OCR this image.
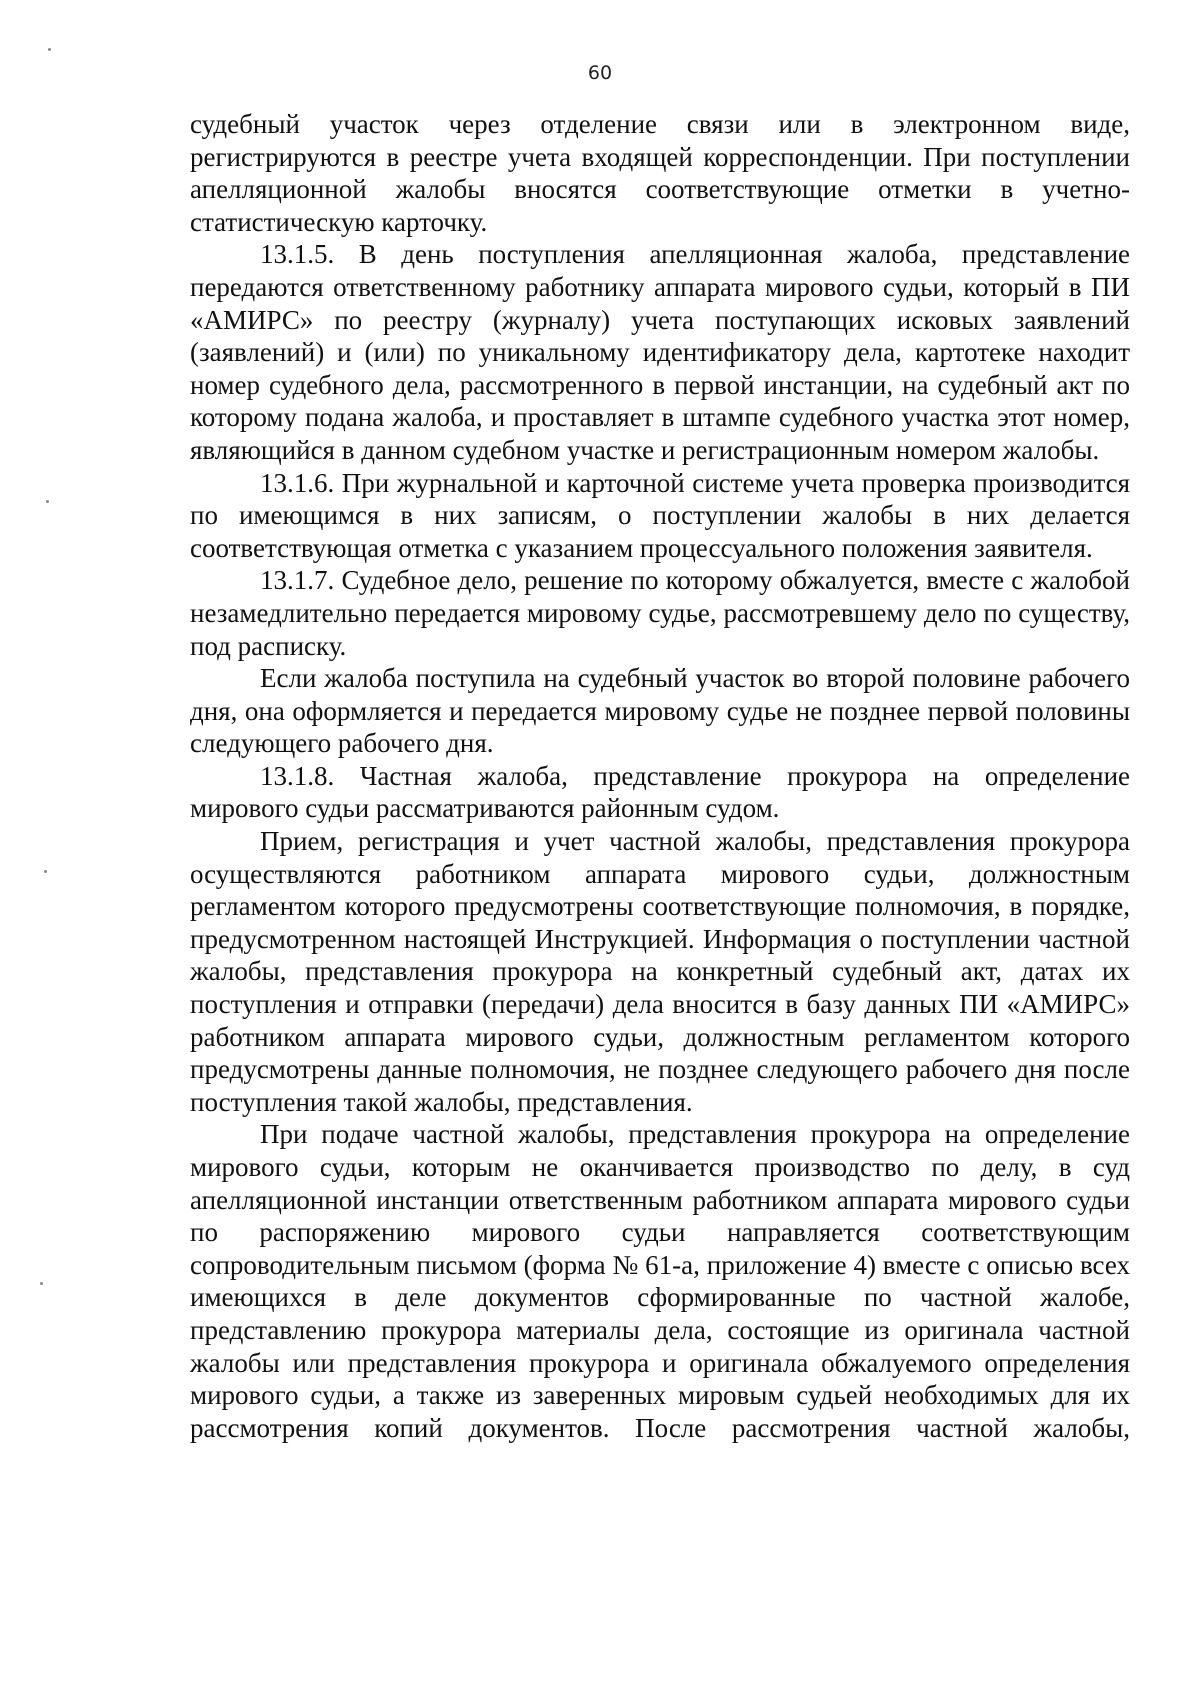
60

судебный участок через отделение связи или в электронном виде, регистрируются в реестре учета входящей корреспонденции. При поступлении апелляционной жалобы вносятся соответствующие отметки в учетно-статистическую карточку.

13.1.5. В день поступления апелляционная жалоба, представление передаются ответственному работнику аппарата мирового судьи, который в ПИ «АМИРС» по реестру (журналу) учета поступающих исковых заявлений (заявлений) и (или) по уникальному идентификатору дела, картотеке находит номер судебного дела, рассмотренного в первой инстанции, на судебный акт по которому подана жалоба, и проставляет в штампе судебного участка этот номер, являющийся в данном судебном участке и регистрационным номером жалобы.

13.1.6. При журнальной и карточной системе учета проверка производится по имеющимся в них записям, о поступлении жалобы в них делается соответствующая отметка с указанием процессуального положения заявителя.

13.1.7. Судебное дело, решение по которому обжалуется, вместе с жалобой незамедлительно передается мировому судье, рассмотревшему дело по существу, под расписку.

Если жалоба поступила на судебный участок во второй половине рабочего дня, она оформляется и передается мировому судье не позднее первой половины следующего рабочего дня.

13.1.8. Частная жалоба, представление прокурора на определение мирового судьи рассматриваются районным судом.

Прием, регистрация и учет частной жалобы, представления прокурора осуществляются работником аппарата мирового судьи, должностным регламентом которого предусмотрены соответствующие полномочия, в порядке, предусмотренном настоящей Инструкцией. Информация о поступлении частной жалобы, представления прокурора на конкретный судебный акт, датах их поступления и отправки (передачи) дела вносится в базу данных ПИ «АМИРС» работником аппарата мирового судьи, должностным регламентом которого предусмотрены данные полномочия, не позднее следующего рабочего дня после поступления такой жалобы, представления.

При подаче частной жалобы, представления прокурора на определение мирового судьи, которым не оканчивается производство по делу, в суд апелляционной инстанции ответственным работником аппарата мирового судьи по распоряжению мирового судьи направляется соответствующим сопроводительным письмом (форма № 61-а, приложение 4) вместе с описью всех имеющихся в деле документов сформированные по частной жалобе, представлению прокурора материалы дела, состоящие из оригинала частной жалобы или представления прокурора и оригинала обжалуемого определения мирового судьи, а также из заверенных мировым судьей необходимых для их рассмотрения копий документов. После рассмотрения частной жалобы,
